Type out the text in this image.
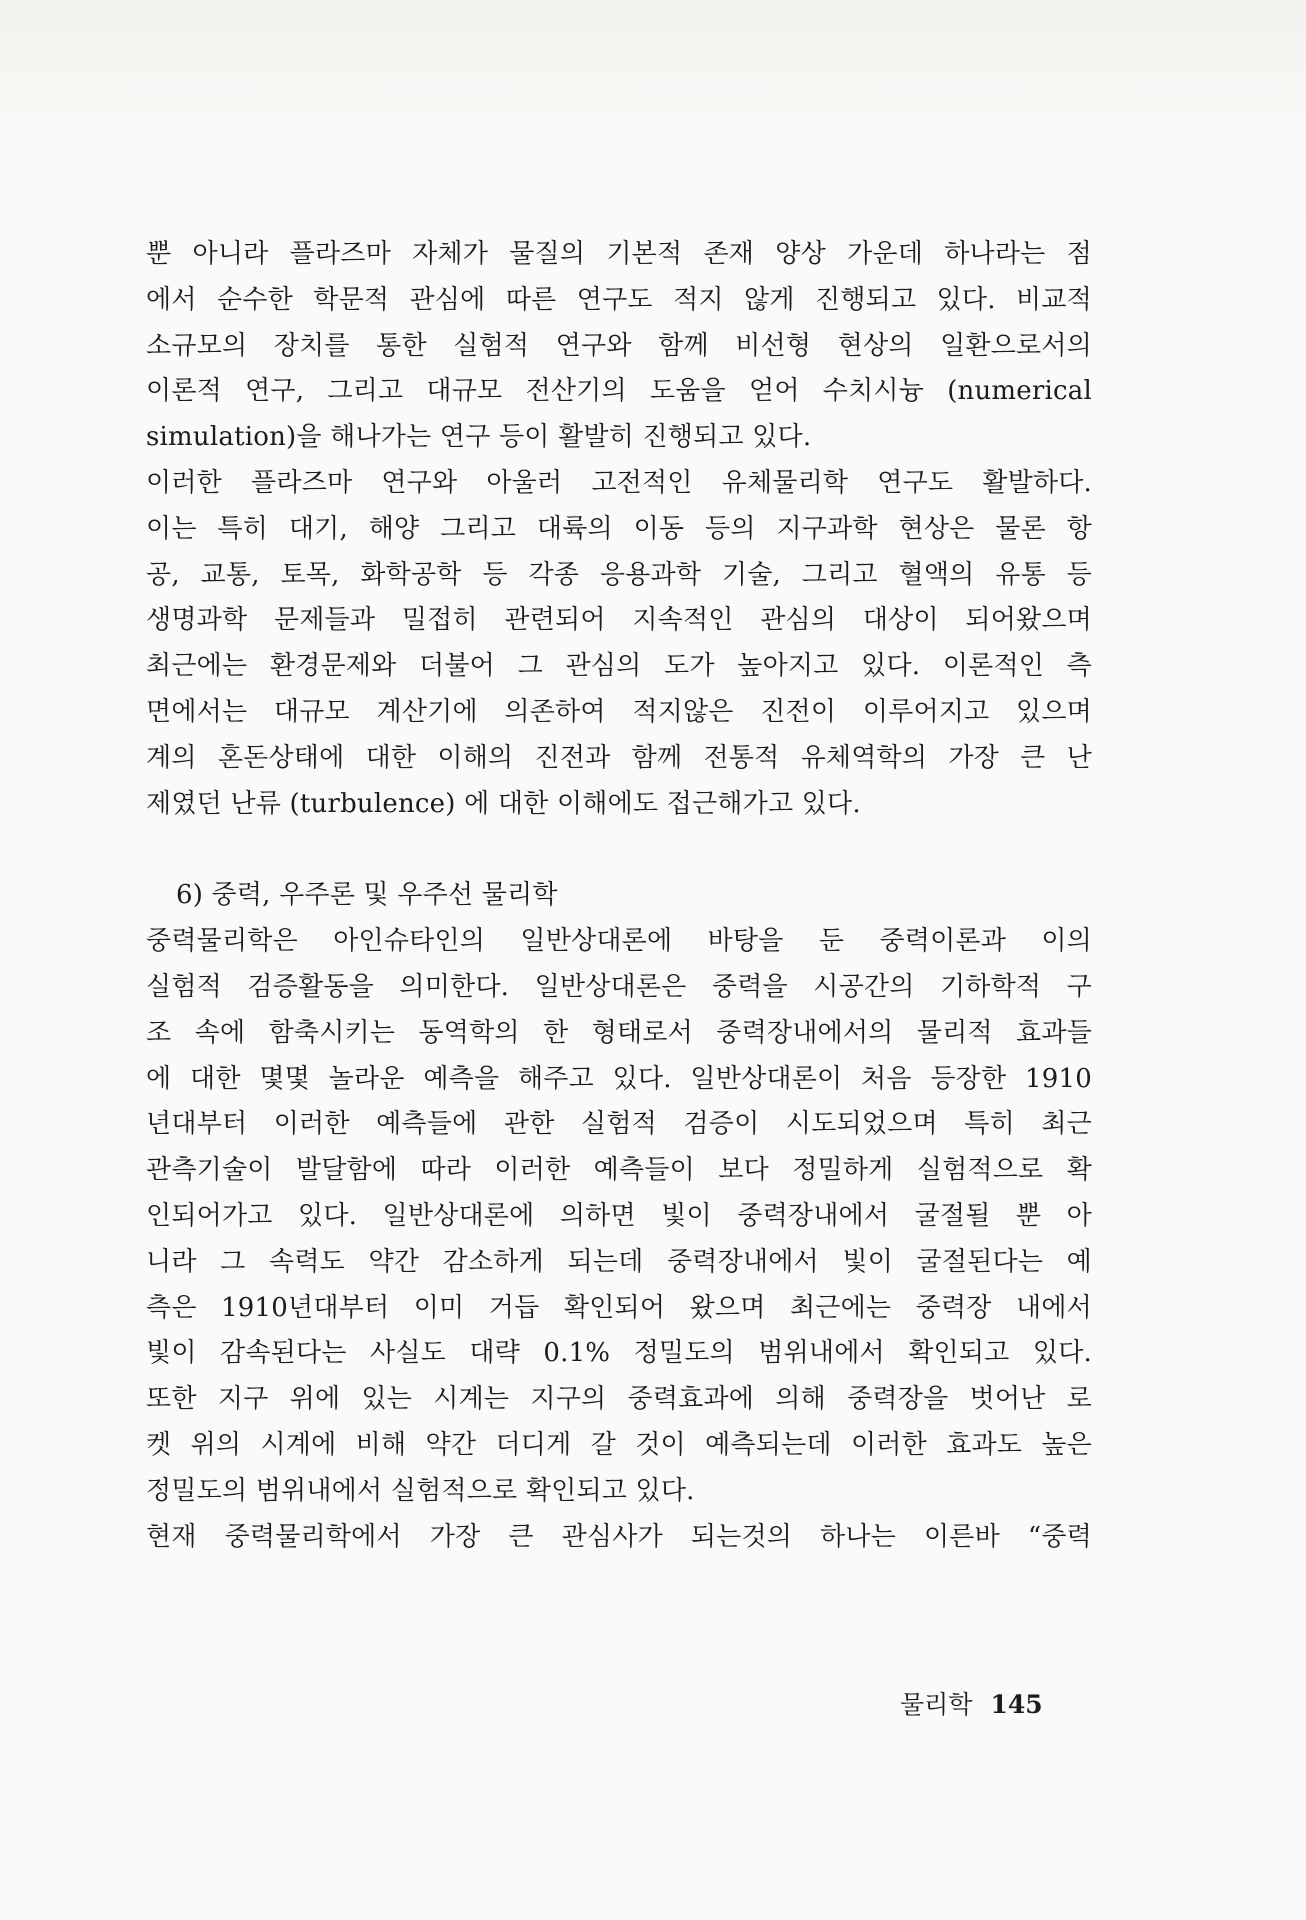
뿐 아니라 플라즈마 자체가 물질의 기본적 존재 양상 가운데 하나라는 점
에서 순수한 학문적 관심에 따른 연구도 적지 않게 진행되고 있다. 비교적
소규모의 장치를 통한 실험적 연구와 함께 비선형 현상의 일환으로서의
이론적 연구, 그리고 대규모 전산기의 도움을 얻어 수치시늉 (numerical
simulation)을 해나가는 연구 등이 활발히 진행되고 있다.
이러한 플라즈마 연구와 아울러 고전적인 유체물리학 연구도 활발하다.
이는 특히 대기, 해양 그리고 대륙의 이동 등의 지구과학 현상은 물론 항
공, 교통, 토목, 화학공학 등 각종 응용과학 기술, 그리고 혈액의 유통 등
생명과학 문제들과 밀접히 관련되어 지속적인 관심의 대상이 되어왔으며
최근에는 환경문제와 더불어 그 관심의 도가 높아지고 있다. 이론적인 측
면에서는 대규모 계산기에 의존하여 적지않은 진전이 이루어지고 있으며
계의 혼돈상태에 대한 이해의 진전과 함께 전통적 유체역학의 가장 큰 난
제였던 난류 (turbulence) 에 대한 이해에도 접근해가고 있다.
6) 중력, 우주론 및 우주선 물리학
중력물리학은 아인슈타인의 일반상대론에 바탕을 둔 중력이론과 이의
실험적 검증활동을 의미한다. 일반상대론은 중력을 시공간의 기하학적 구
조 속에 함축시키는 동역학의 한 형태로서 중력장내에서의 물리적 효과들
에 대한 몇몇 놀라운 예측을 해주고 있다. 일반상대론이 처음 등장한 1910
년대부터 이러한 예측들에 관한 실험적 검증이 시도되었으며 특히 최근
관측기술이 발달함에 따라 이러한 예측들이 보다 정밀하게 실험적으로 확
인되어가고 있다. 일반상대론에 의하면 빛이 중력장내에서 굴절될 뿐 아
니라 그 속력도 약간 감소하게 되는데 중력장내에서 빛이 굴절된다는 예
측은 1910년대부터 이미 거듭 확인되어 왔으며 최근에는 중력장 내에서
빛이 감속된다는 사실도 대략 0.1% 정밀도의 범위내에서 확인되고 있다.
또한 지구 위에 있는 시계는 지구의 중력효과에 의해 중력장을 벗어난 로
켓 위의 시계에 비해 약간 더디게 갈 것이 예측되는데 이러한 효과도 높은
정밀도의 범위내에서 실험적으로 확인되고 있다.
현재 중력물리학에서 가장 큰 관심사가 되는것의 하나는 이른바 “중력
물리학 145
